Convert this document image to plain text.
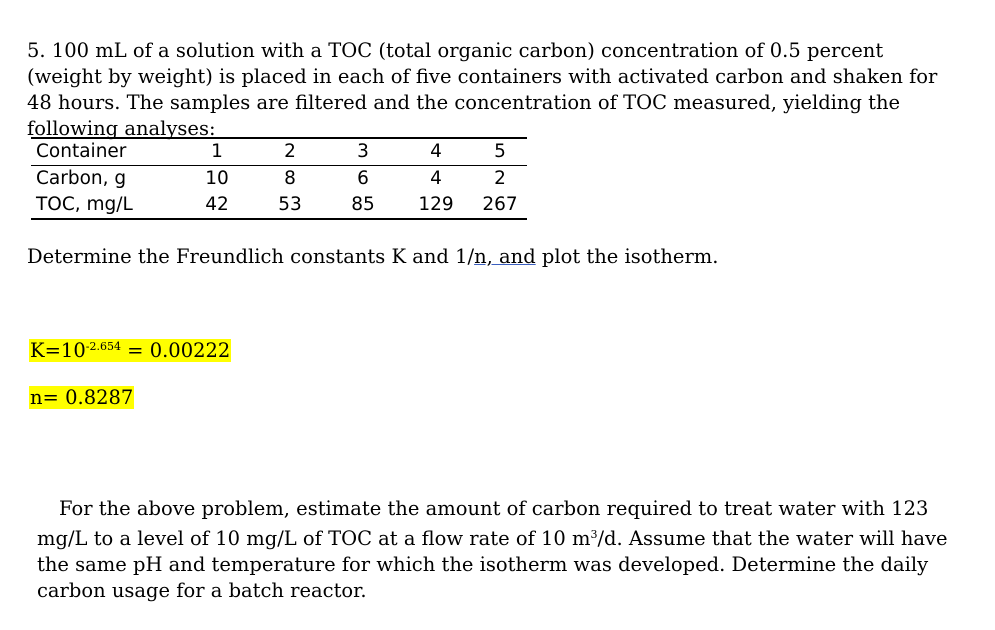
5. 100 mL of a solution with a TOC (total organic carbon) concentration of 0.5 percent (weight by weight) is placed in each of five containers with activated carbon and shaken for 48 hours. The samples are filtered and the concentration of TOC measured, yielding the following analyses:
Container	1	2	3	4	5
Carbon, g	10	8	6	4	2
TOC, mg/L	42	53	85	129	267
Determine the Freundlich constants K and 1/n, and plot the isotherm.
$K=10^{-2.654} = 0.00222$
n= 0.8287
For the above problem, estimate the amount of carbon required to treat water with 123 mg/L to a level of 10 mg/L of TOC at a flow rate of 10 $m^3/d$. Assume that the water will have the same pH and temperature for which the isotherm was developed. Determine the daily carbon usage for a batch reactor.
